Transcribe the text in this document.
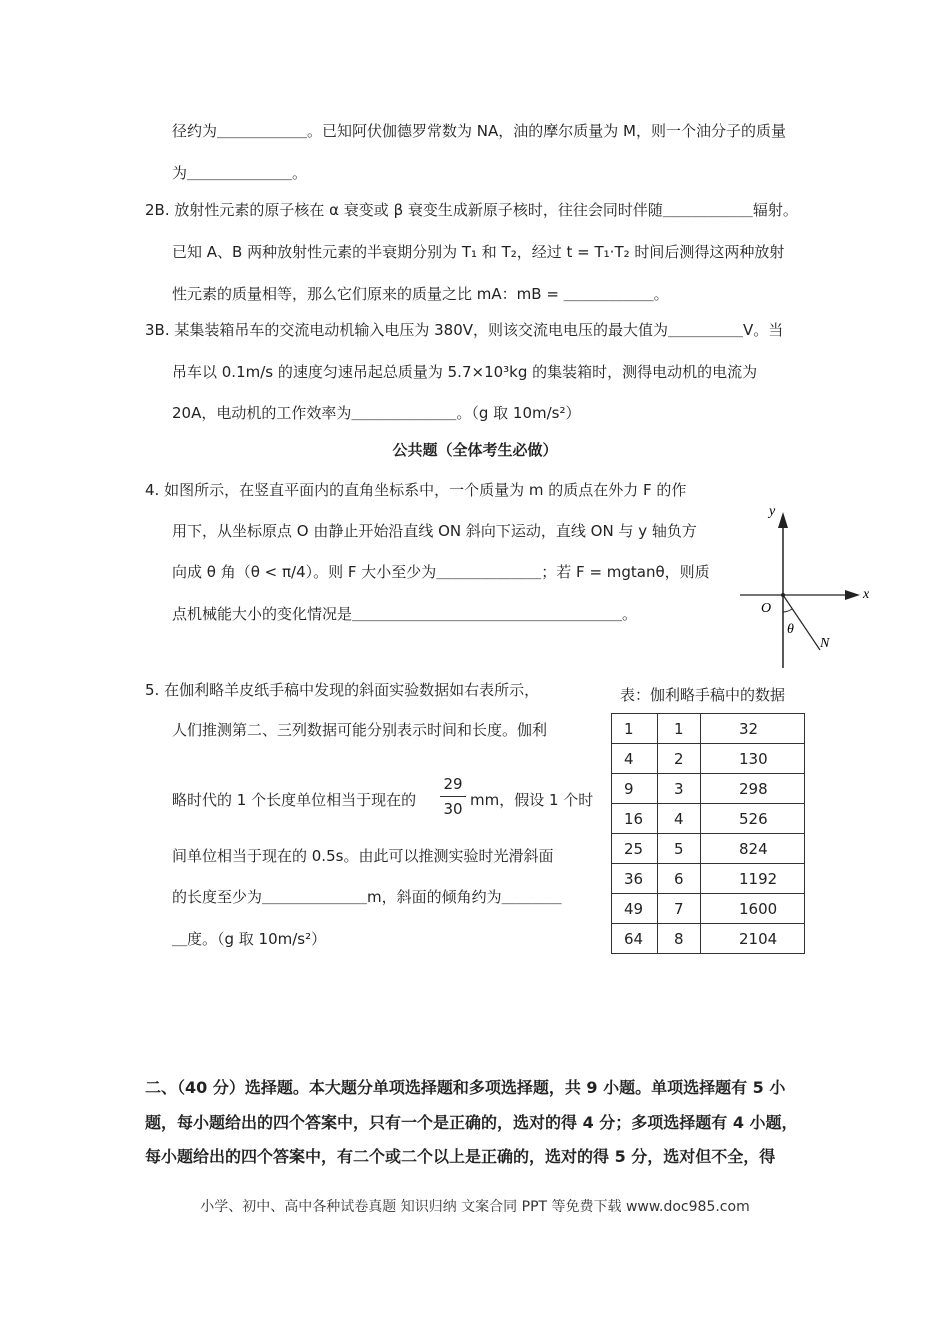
径约为＿＿＿＿＿＿。已知阿伏伽德罗常数为 NA，油的摩尔质量为 M，则一个油分子的质量
为＿＿＿＿＿＿＿。
2B. 放射性元素的原子核在 α 衰变或 β 衰变生成新原子核时，往往会同时伴随＿＿＿＿＿＿辐射。
已知 A、B 两种放射性元素的半衰期分别为 T₁ 和 T₂，经过 t = T₁·T₂ 时间后测得这两种放射
性元素的质量相等，那么它们原来的质量之比 mA：mB = ＿＿＿＿＿＿。
3B. 某集装箱吊车的交流电动机输入电压为 380V，则该交流电电压的最大值为＿＿＿＿＿V。当
吊车以 0.1m/s 的速度匀速吊起总质量为 5.7×10³kg 的集装箱时，测得电动机的电流为
20A，电动机的工作效率为＿＿＿＿＿＿＿。（g 取 10m/s²）
公共题（全体考生必做）
4. 如图所示，在竖直平面内的直角坐标系中，一个质量为 m 的质点在外力 F 的作
用下，从坐标原点 O 由静止开始沿直线 ON 斜向下运动，直线 ON 与 y 轴负方
向成 θ 角（θ < π/4）。则 F 大小至少为＿＿＿＿＿＿＿；若 F = mgtanθ，则质
点机械能大小的变化情况是＿＿＿＿＿＿＿＿＿＿＿＿＿＿＿＿＿＿。
y
x
O
θ
N
5. 在伽利略羊皮纸手稿中发现的斜面实验数据如右表所示，
人们推测第二、三列数据可能分别表示时间和长度。伽利
略时代的 1 个长度单位相当于现在的
29
30 mm，假设 1 个时
间单位相当于现在的 0.5s。由此可以推测实验时光滑斜面
的长度至少为＿＿＿＿＿＿＿m，斜面的倾角约为＿＿＿＿
＿度。（g 取 10m/s²）
表：伽利略手稿中的数据
1	1	32
4	2	130
9	3	298
16	4	526
25	5	824
36	6	1192
49	7	1600
64	8	2104
二、（40 分）选择题。本大题分单项选择题和多项选择题，共 9 小题。单项选择题有 5 小
题，每小题给出的四个答案中，只有一个是正确的，选对的得 4 分；多项选择题有 4 小题，
每小题给出的四个答案中，有二个或二个以上是正确的，选对的得 5 分，选对但不全，得
小学、初中、高中各种试卷真题 知识归纳 文案合同 PPT 等免费下载 www.doc985.com
